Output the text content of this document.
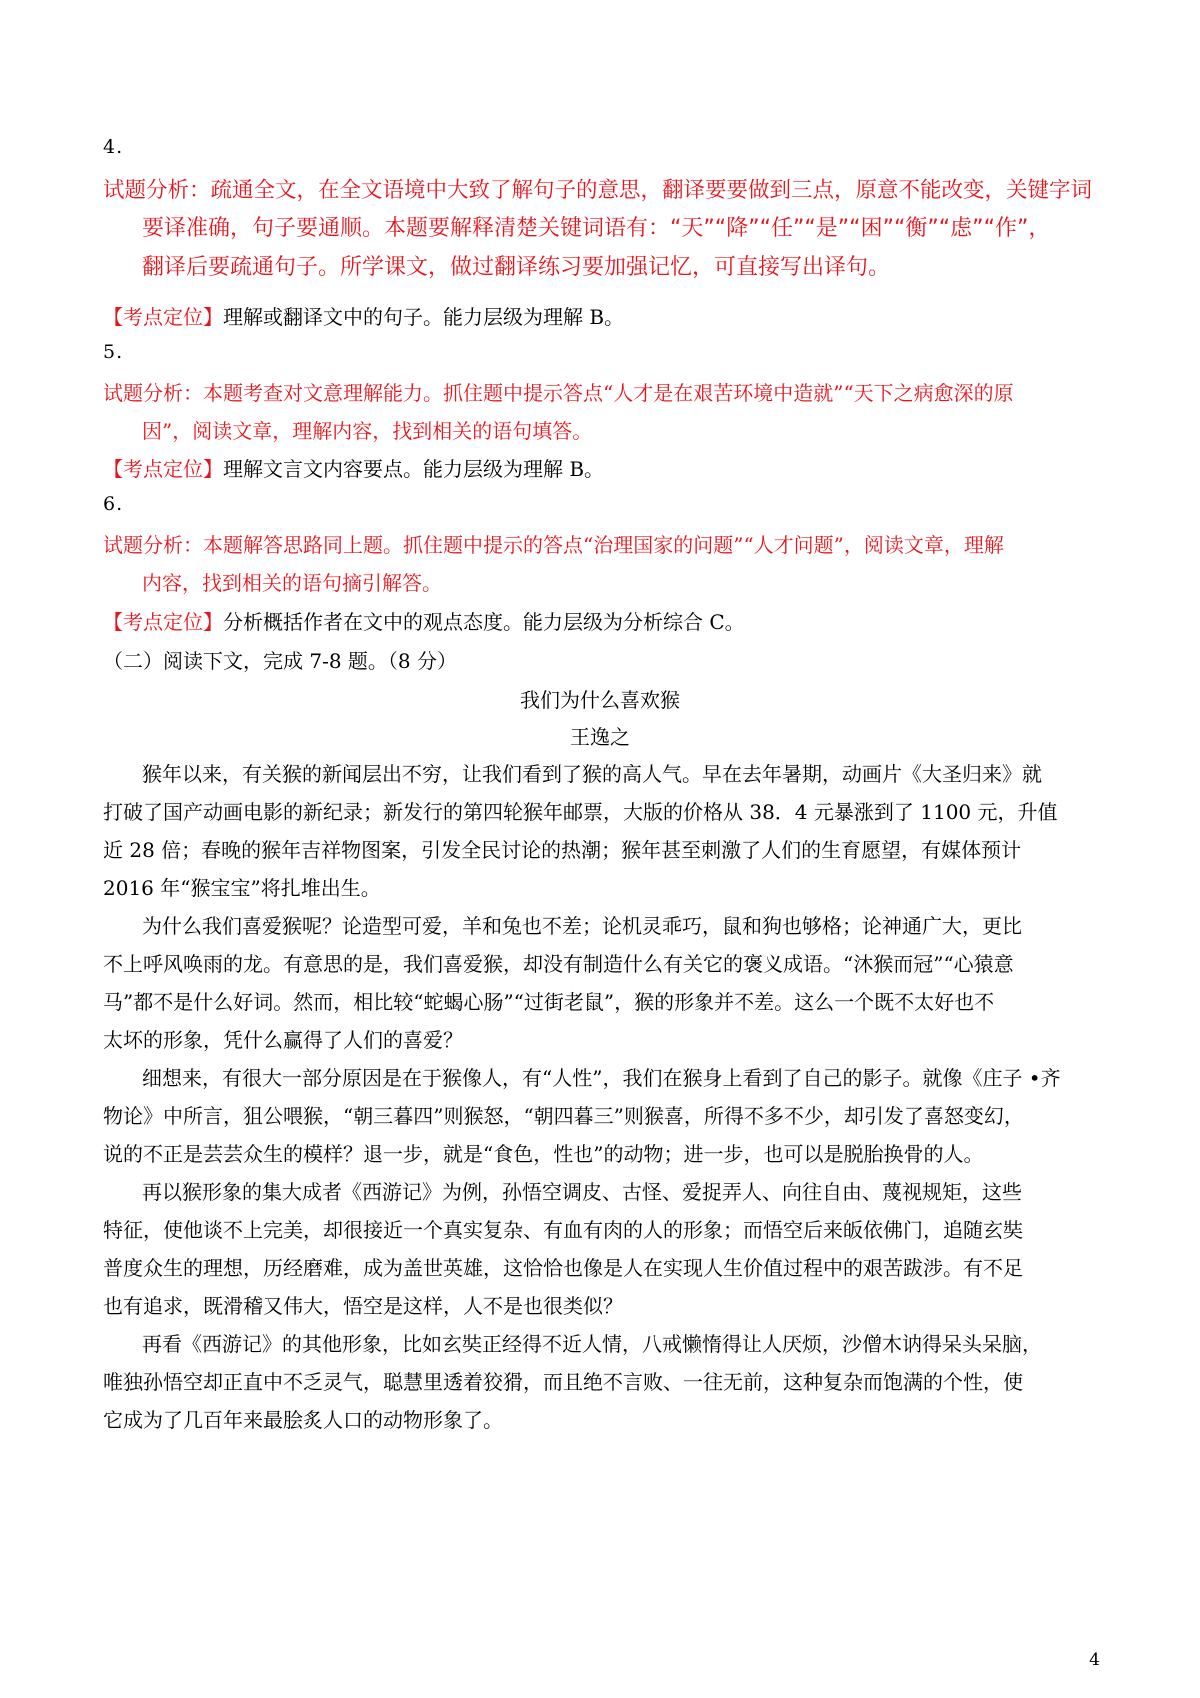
4.
试题分析：疏通全文，在全文语境中大致了解句子的意思，翻译要要做到三点，原意不能改变，关键字词
要译准确，句子要通顺。本题要解释清楚关键词语有：“天”“降”“任”“是”“困”“衡”“虑”“作”，
翻译后要疏通句子。所学课文，做过翻译练习要加强记忆，可直接写出译句。
【考点定位】理解或翻译文中的句子。能力层级为理解 B。
5.
试题分析：本题考查对文意理解能力。抓住题中提示答点“人才是在艰苦环境中造就”“天下之病愈深的原
因”，阅读文章，理解内容，找到相关的语句填答。
【考点定位】理解文言文内容要点。能力层级为理解 B。
6.
试题分析：本题解答思路同上题。抓住题中提示的答点“治理国家的问题”“人才问题”，阅读文章，理解
内容，找到相关的语句摘引解答。
【考点定位】分析概括作者在文中的观点态度。能力层级为分析综合 C。
（二）阅读下文，完成 7-8 题。（8 分）
我们为什么喜欢猴
王逸之
猴年以来，有关猴的新闻层出不穷，让我们看到了猴的高人气。早在去年暑期，动画片《大圣归来》就
打破了国产动画电影的新纪录；新发行的第四轮猴年邮票，大版的价格从 38．4 元暴涨到了 1100 元，升值
近 28 倍；春晚的猴年吉祥物图案，引发全民讨论的热潮；猴年甚至刺激了人们的生育愿望，有媒体预计
2016 年“猴宝宝”将扎堆出生。
为什么我们喜爱猴呢？论造型可爱，羊和兔也不差；论机灵乖巧，鼠和狗也够格；论神通广大，更比
不上呼风唤雨的龙。有意思的是，我们喜爱猴，却没有制造什么有关它的褒义成语。“沐猴而冠”“心猿意
马”都不是什么好词。然而，相比较“蛇蝎心肠”“过街老鼠”，猴的形象并不差。这么一个既不太好也不
太坏的形象，凭什么赢得了人们的喜爱？
细想来，有很大一部分原因是在于猴像人，有“人性”，我们在猴身上看到了自己的影子。就像《庄子 •齐
物论》中所言，狙公喂猴，“朝三暮四”则猴怒，“朝四暮三”则猴喜，所得不多不少，却引发了喜怒变幻，
说的不正是芸芸众生的模样？退一步，就是“食色，性也”的动物；进一步，也可以是脱胎换骨的人。
再以猴形象的集大成者《西游记》为例，孙悟空调皮、古怪、爱捉弄人、向往自由、蔑视规矩，这些
特征，使他谈不上完美，却很接近一个真实复杂、有血有肉的人的形象；而悟空后来皈依佛门，追随玄奘
普度众生的理想，历经磨难，成为盖世英雄，这恰恰也像是人在实现人生价值过程中的艰苦跋涉。有不足
也有追求，既滑稽又伟大，悟空是这样，人不是也很类似？
再看《西游记》的其他形象，比如玄奘正经得不近人情，八戒懒惰得让人厌烦，沙僧木讷得呆头呆脑，
唯独孙悟空却正直中不乏灵气，聪慧里透着狡猾，而且绝不言败、一往无前，这种复杂而饱满的个性，使
它成为了几百年来最脍炙人口的动物形象了。
4
